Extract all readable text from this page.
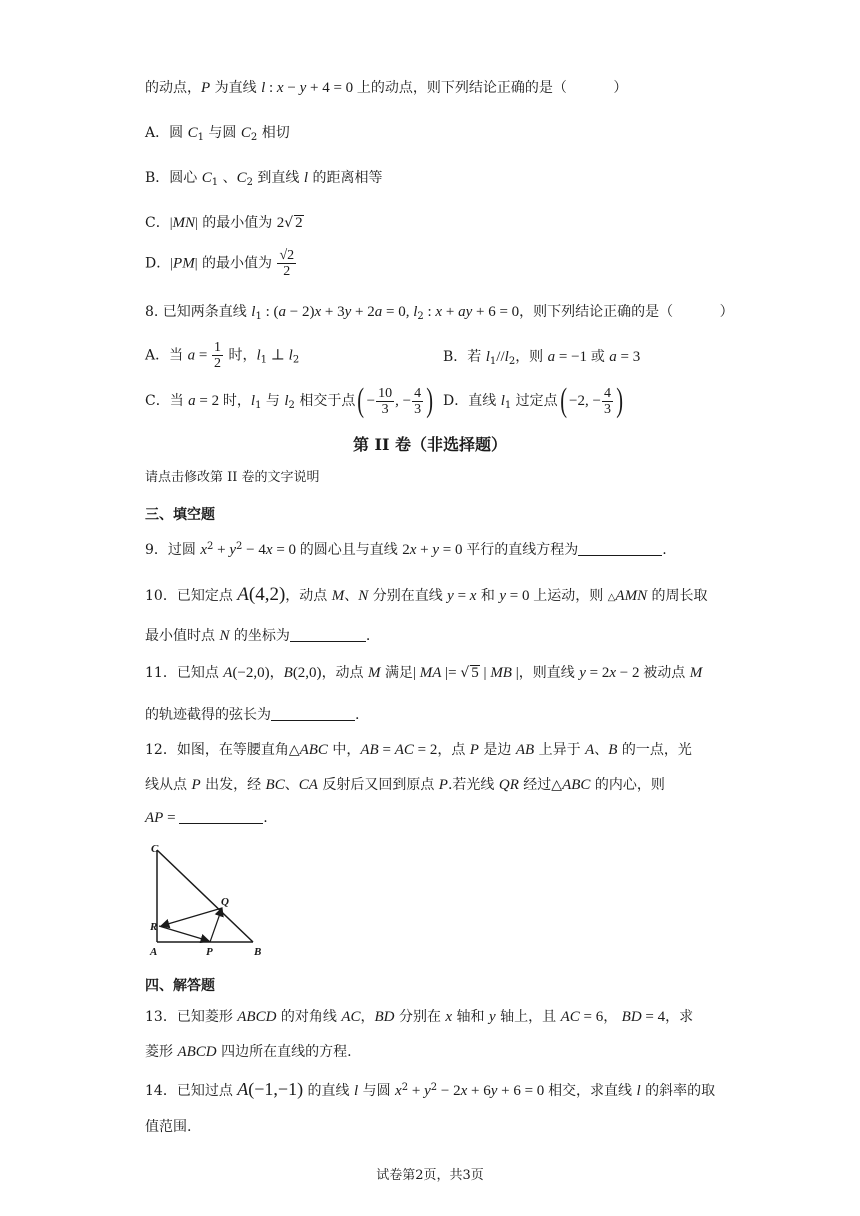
的动点，P 为直线 l : x − y + 4 = 0 上的动点，则下列结论正确的是（　　　 ）
A．圆 $C_1$ 与圆 $C_2$ 相切
B．圆心 $C_1$ 、$C_2$ 到直线 l 的距离相等
C．|MN| 的最小值为 2√ 2
D．|PM| 的最小值为 $\frac{√2}{2}$
8. 已知两条直线 $l_1$ : (a − 2)x + 3y + 2a = 0, $l_2$ : x + ay + 6 = 0，则下列结论正确的是（　　　 ）
A．当 $a = \frac{1}{2}$ 时，$l_1$ ⊥ $l_2$	B．若 $l_1//l_2$，则 a = −1 或 a = 3
C．当 a = 2 时，$l_1$ 与 $l_2$ 相交于点( − $\frac{10}{3}$ , − $\frac{4}{3}$ ) D．直线 $l_1$ 过定点( −2, − $\frac{4}{3}$ )
第 II 卷（非选择题）
请点击修改第 II 卷的文字说明
三、填空题
9．过圆 $x^2 + y^2 - 4x = 0$ 的圆心且与直线 2x + y = 0 平行的直线方程为	.
10．已知定点 A(4,2)，动点 M、N 分别在直线 y = x 和 y = 0 上运动，则 △AMN 的周长取
最小值时点 N 的坐标为	.
11．已知点 A(−2,0)，B(2,0)，动点 M 满足| MA |= √ 5 | MB |，则直线 y = 2x − 2 被动点 M
的轨迹截得的弦长为	.
12．如图，在等腰直角△ABC 中，AB = AC = 2，点 P 是边 AB 上异于 A、B 的一点，光
线从点 P 出发，经 BC、CA 反射后又回到原点 P.若光线 QR 经过△ABC 的内心，则
AP =	.
C
Q
R
A	P	B
四、解答题
13．已知菱形 ABCD 的对角线 AC，BD 分别在 x 轴和 y 轴上，且 AC = 6， BD = 4，求
菱形 ABCD 四边所在直线的方程.
14．已知过点 A(−1,−1) 的直线 l 与圆 $x^2 + y^2 - 2x + 6y + 6 = 0$ 相交，求直线 l 的斜率的取
值范围.
试卷第2页，共3页
